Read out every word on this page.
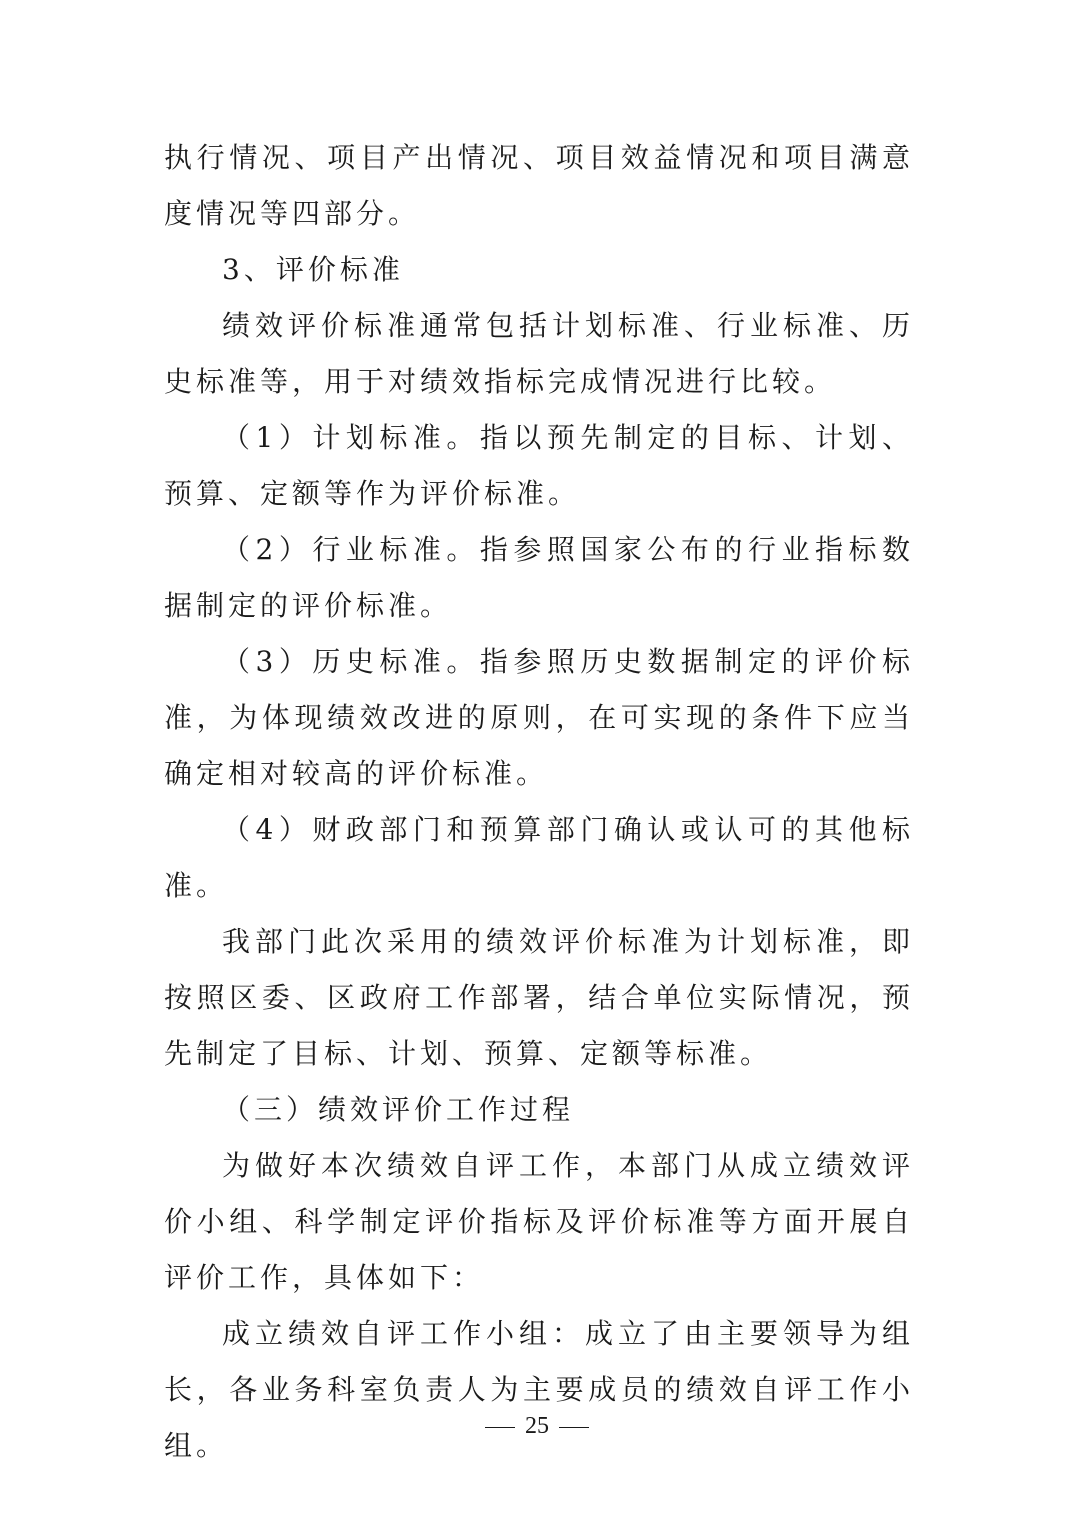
执行情况、项目产出情况、项目效益情况和项目满意度情况等四部分。

3、评价标准

绩效评价标准通常包括计划标准、行业标准、历史标准等，用于对绩效指标完成情况进行比较。

（1）计划标准。指以预先制定的目标、计划、预算、定额等作为评价标准。

（2）行业标准。指参照国家公布的行业指标数据制定的评价标准。

（3）历史标准。指参照历史数据制定的评价标准，为体现绩效改进的原则，在可实现的条件下应当确定相对较高的评价标准。

（4）财政部门和预算部门确认或认可的其他标准。

我部门此次采用的绩效评价标准为计划标准，即按照区委、区政府工作部署，结合单位实际情况，预先制定了目标、计划、预算、定额等标准。

（三）绩效评价工作过程

为做好本次绩效自评工作，本部门从成立绩效评价小组、科学制定评价指标及评价标准等方面开展自评价工作，具体如下：

成立绩效自评工作小组：成立了由主要领导为组长，各业务科室负责人为主要成员的绩效自评工作小组。

25
